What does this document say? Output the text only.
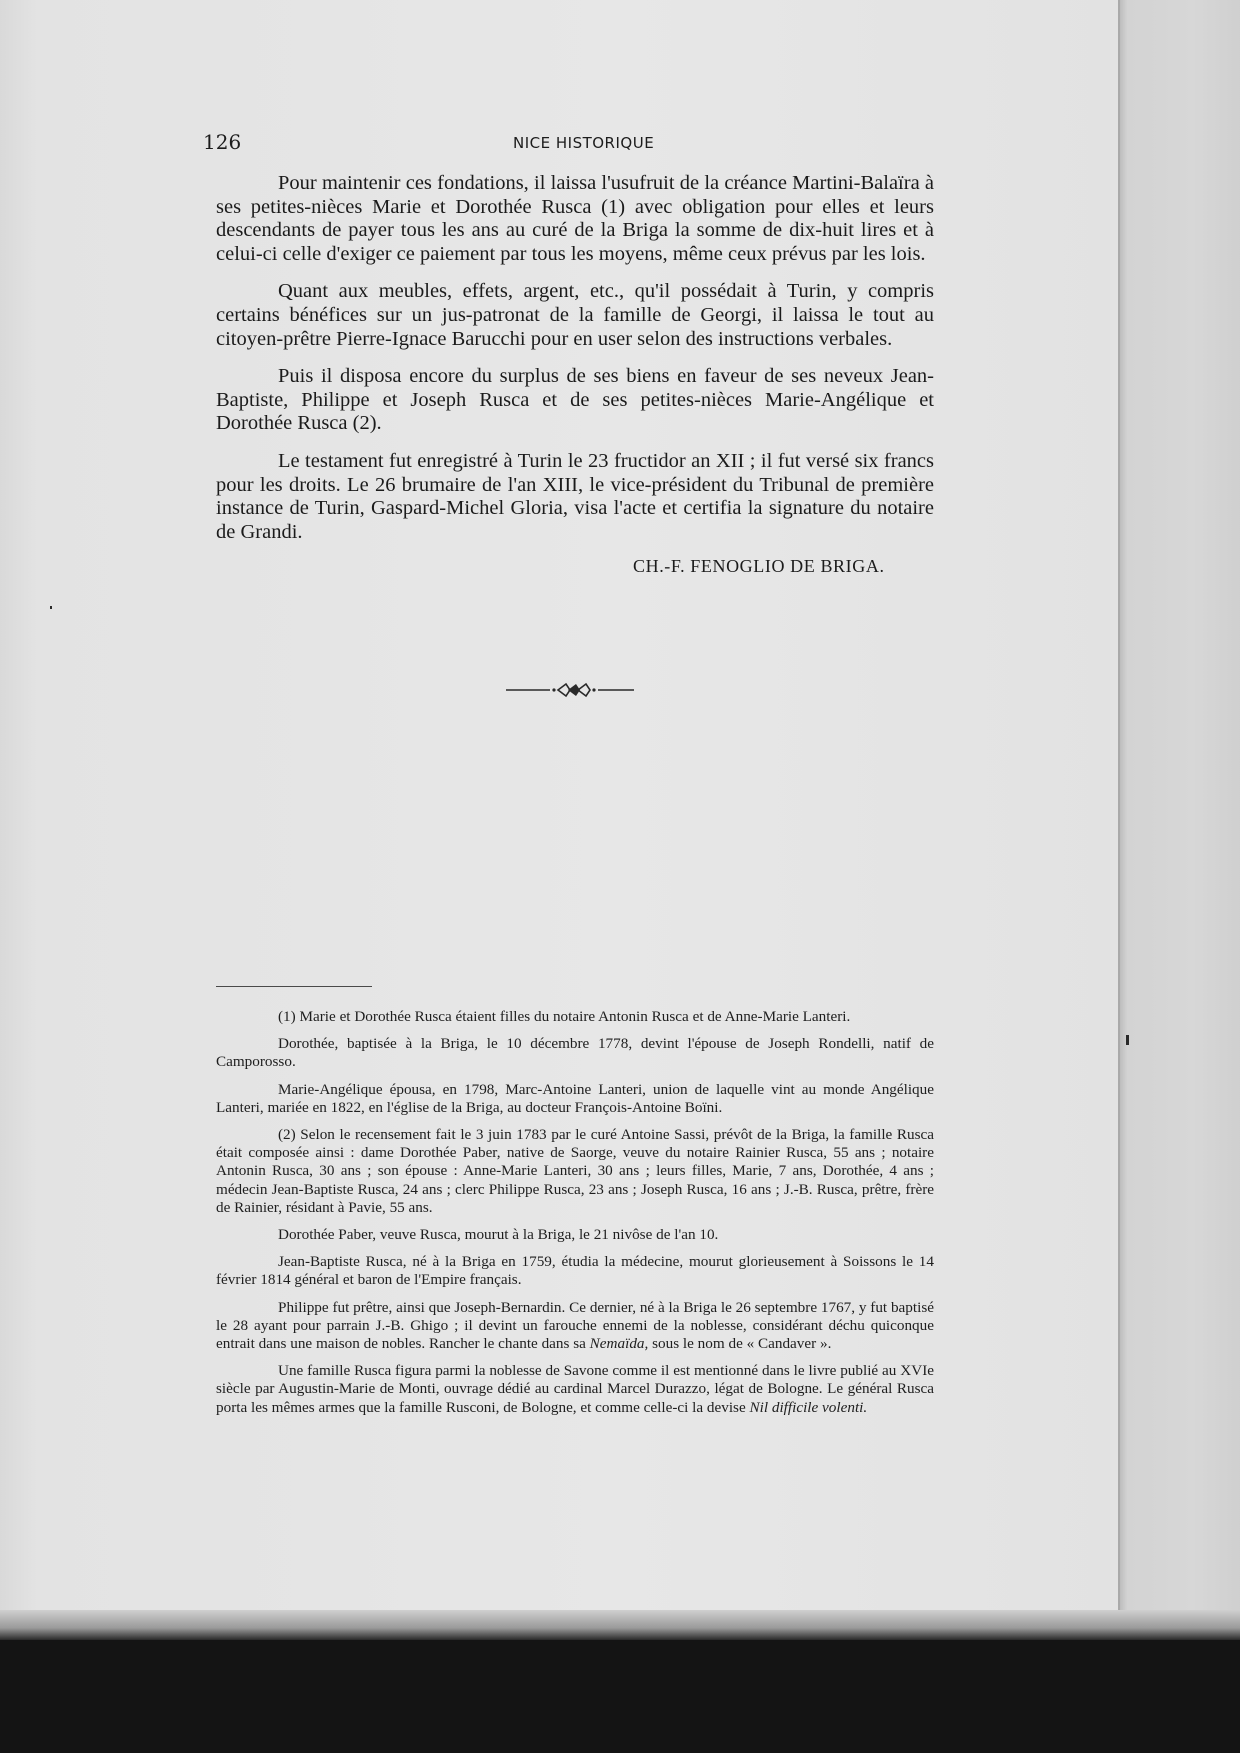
126	NICE HISTORIQUE

Pour maintenir ces fondations, il laissa l'usufruit de la créance Martini-Balaïra à ses petites-nièces Marie et Dorothée Rusca (1) avec obligation pour elles et leurs descendants de payer tous les ans au curé de la Briga la somme de dix-huit lires et à celui-ci celle d'exiger ce paiement par tous les moyens, même ceux prévus par les lois.

Quant aux meubles, effets, argent, etc., qu'il possédait à Turin, y compris certains bénéfices sur un jus-patronat de la famille de Georgi, il laissa le tout au citoyen-prêtre Pierre-Ignace Barucchi pour en user selon des instructions verbales.

Puis il disposa encore du surplus de ses biens en faveur de ses neveux Jean-Baptiste, Philippe et Joseph Rusca et de ses petites-nièces Marie-Angélique et Dorothée Rusca (2).

Le testament fut enregistré à Turin le 23 fructidor an XII ; il fut versé six francs pour les droits. Le 26 brumaire de l'an XIII, le vice-président du Tribunal de première instance de Turin, Gaspard-Michel Gloria, visa l'acte et certifia la signature du notaire de Grandi.

CH.-F. FENOGLIO DE BRIGA.

(1) Marie et Dorothée Rusca étaient filles du notaire Antonin Rusca et de Anne-Marie Lanteri.

Dorothée, baptisée à la Briga, le 10 décembre 1778, devint l'épouse de Joseph Rondelli, natif de Camporosso.

Marie-Angélique épousa, en 1798, Marc-Antoine Lanteri, union de laquelle vint au monde Angélique Lanteri, mariée en 1822, en l'église de la Briga, au docteur François-Antoine Boïni.

(2) Selon le recensement fait le 3 juin 1783 par le curé Antoine Sassi, prévôt de la Briga, la famille Rusca était composée ainsi : dame Dorothée Paber, native de Saorge, veuve du notaire Rainier Rusca, 55 ans ; notaire Antonin Rusca, 30 ans ; son épouse : Anne-Marie Lanteri, 30 ans ; leurs filles, Marie, 7 ans, Dorothée, 4 ans ; médecin Jean-Baptiste Rusca, 24 ans ; clerc Philippe Rusca, 23 ans ; Joseph Rusca, 16 ans ; J.-B. Rusca, prêtre, frère de Rainier, résidant à Pavie, 55 ans.

Dorothée Paber, veuve Rusca, mourut à la Briga, le 21 nivôse de l'an 10.

Jean-Baptiste Rusca, né à la Briga en 1759, étudia la médecine, mourut glorieusement à Soissons le 14 février 1814 général et baron de l'Empire français.

Philippe fut prêtre, ainsi que Joseph-Bernardin. Ce dernier, né à la Briga le 26 septembre 1767, y fut baptisé le 28 ayant pour parrain J.-B. Ghigo ; il devint un farouche ennemi de la noblesse, considérant déchu quiconque entrait dans une maison de nobles. Rancher le chante dans sa Nemaïda, sous le nom de « Candaver ».

Une famille Rusca figura parmi la noblesse de Savone comme il est mentionné dans le livre publié au XVIe siècle par Augustin-Marie de Monti, ouvrage dédié au cardinal Marcel Durazzo, légat de Bologne. Le général Rusca porta les mêmes armes que la famille Rusconi, de Bologne, et comme celle-ci la devise Nil difficile volenti.
